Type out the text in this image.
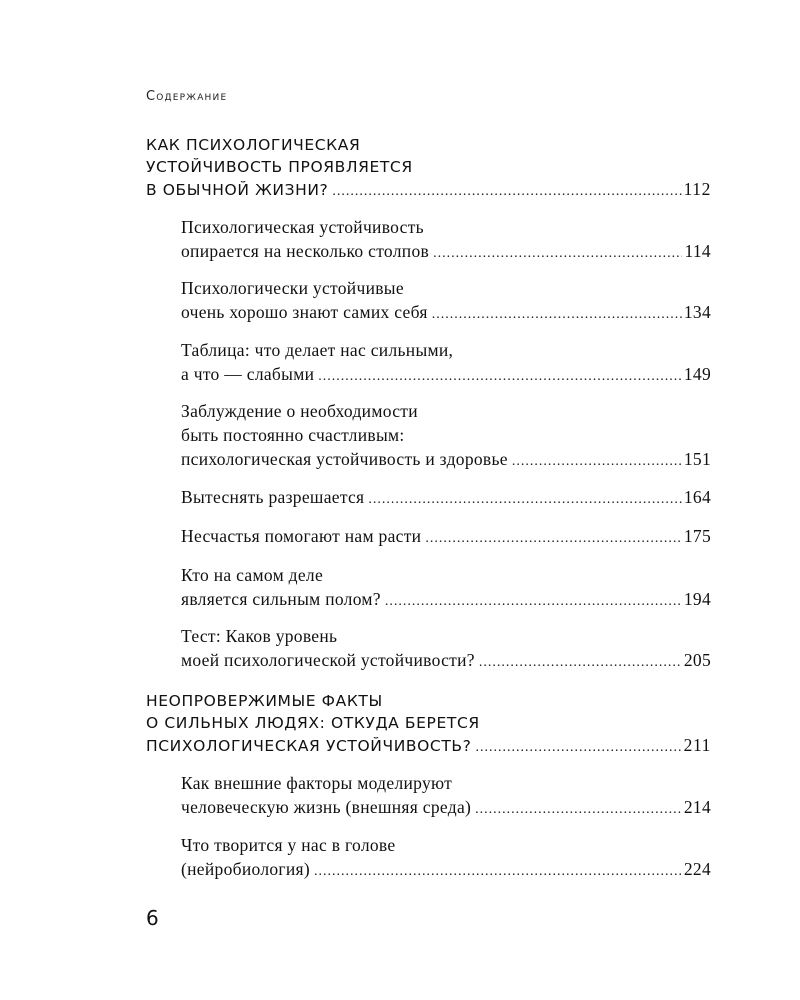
Содержание
КАК ПСИХОЛОГИЧЕСКАЯ
УСТОЙЧИВОСТЬ ПРОЯВЛЯЕТСЯ
В ОБЫЧНОЙ ЖИЗНИ? .....	112
Психологическая устойчивость
опирается на несколько столпов .....	114
Психологически устойчивые
очень хорошо знают самих себя .....	134
Таблица: что делает нас сильными,
а что — слабыми .....	149
Заблуждение о необходимости
быть постоянно счастливым:
психологическая устойчивость и здоровье .....	151
Вытеснять разрешается .....	164
Несчастья помогают нам расти .....	175
Кто на самом деле
является сильным полом? .....	194
Тест: Каков уровень
моей психологической устойчивости? .....	205
НЕОПРОВЕРЖИМЫЕ ФАКТЫ
О СИЛЬНЫХ ЛЮДЯХ: ОТКУДА БЕРЕТСЯ
ПСИХОЛОГИЧЕСКАЯ УСТОЙЧИВОСТЬ? .....	211
Как внешние факторы моделируют
человеческую жизнь (внешняя среда) .....	214
Что творится у нас в голове
(нейробиология) .....	224
6
